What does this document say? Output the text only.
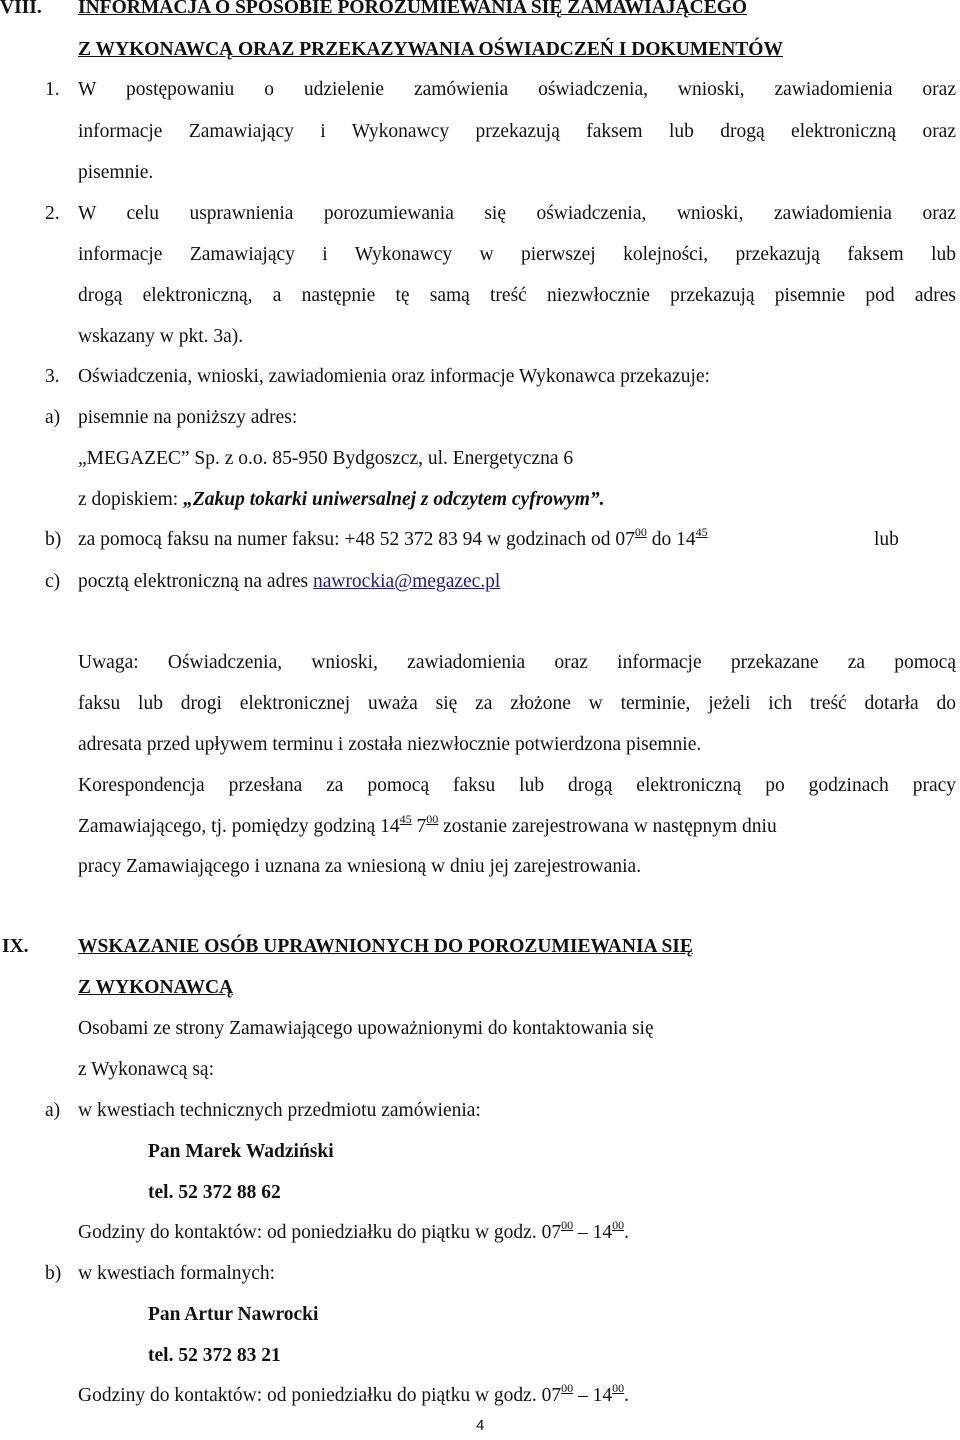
VIII. INFORMACJA O SPOSOBIE POROZUMIEWANIA SIĘ ZAMAWIAJĄCEGO
Z WYKONAWCĄ ORAZ PRZEKAZYWANIA OŚWIADCZEŃ I DOKUMENTÓW
1. W postępowaniu o udzielenie zamówienia oświadczenia, wnioski, zawiadomienia oraz
informacje Zamawiający i Wykonawcy przekazują faksem lub drogą elektroniczną oraz
pisemnie.
2. W celu usprawnienia porozumiewania się oświadczenia, wnioski, zawiadomienia oraz
informacje Zamawiający i Wykonawcy w pierwszej kolejności, przekazują faksem lub
drogą elektroniczną, a następnie tę samą treść niezwłocznie przekazują pisemnie pod adres
wskazany w pkt. 3a).
3. Oświadczenia, wnioski, zawiadomienia oraz informacje Wykonawca przekazuje:
a) pisemnie na poniższy adres:
„MEGAZEC” Sp. z o.o. 85-950 Bydgoszcz, ul. Energetyczna 6
z dopiskiem: „Zakup tokarki uniwersalnej z odczytem cyfrowym”.
b) za pomocą faksu na numer faksu: +48 52 372 83 94 w godzinach od $07^{00}$ do $14^{45}$	lub
c) pocztą elektroniczną na adres nawrockia@megazec.pl
Uwaga: Oświadczenia, wnioski, zawiadomienia oraz informacje przekazane za pomocą
faksu lub drogi elektronicznej uważa się za złożone w terminie, jeżeli ich treść dotarła do
adresata przed upływem terminu i została niezwłocznie potwierdzona pisemnie.
Korespondencja przesłana za pomocą faksu lub drogą elektroniczną po godzinach pracy
Zamawiającego, tj. pomiędzy godziną $14^{45}$ $7^{00}$ zostanie zarejestrowana w następnym dniu
pracy Zamawiającego i uznana za wniesioną w dniu jej zarejestrowania.
IX.	WSKAZANIE OSÓB UPRAWNIONYCH DO POROZUMIEWANIA SIĘ
Z WYKONAWCĄ
Osobami ze strony Zamawiającego upoważnionymi do kontaktowania się
z Wykonawcą są:
a) w kwestiach technicznych przedmiotu zamówienia:
Pan Marek Wadziński
tel. 52 372 88 62
Godziny do kontaktów: od poniedziałku do piątku w godz. $07^{00} - 14^{00}$.
b) w kwestiach formalnych:
Pan Artur Nawrocki
tel. 52 372 83 21
Godziny do kontaktów: od poniedziałku do piątku w godz. $07^{00} - 14^{00}$.
4
